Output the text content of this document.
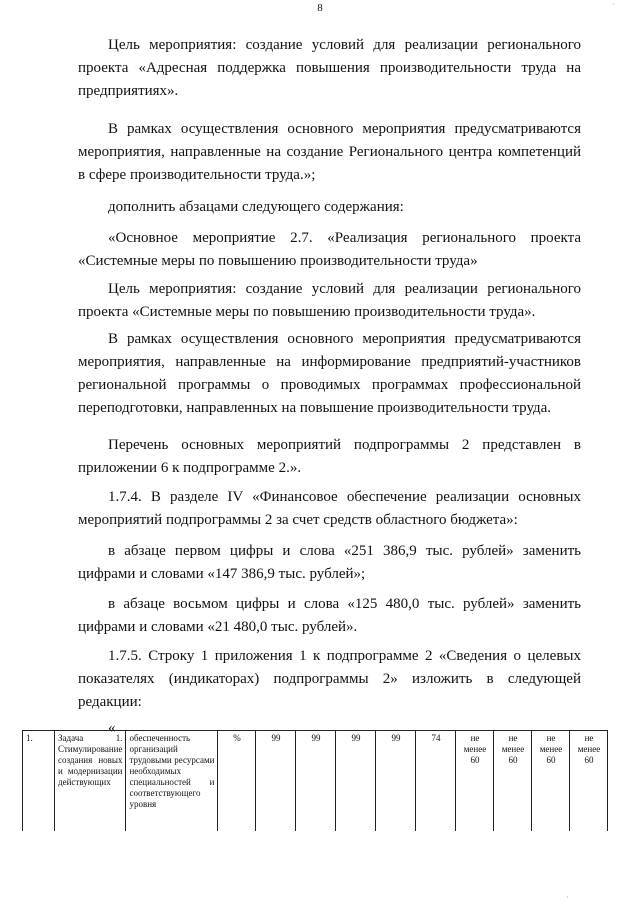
8	·
·

Цель мероприятия: создание условий для реализации регионального проекта «Адресная поддержка повышения производительности труда на предприятиях».

В рамках осуществления основного мероприятия предусматриваются мероприятия, направленные на создание Регионального центра компетенций в сфере производительности труда.»;

дополнить абзацами следующего содержания:

«Основное мероприятие 2.7. «Реализация регионального проекта «Системные меры по повышению производительности труда»

Цель мероприятия: создание условий для реализации регионального проекта «Системные меры по повышению производительности труда».

В рамках осуществления основного мероприятия предусматриваются мероприятия, направленные на информирование предприятий-участников региональной программы о проводимых программах профессиональной переподготовки, направленных на повышение производительности труда.

Перечень основных мероприятий подпрограммы 2 представлен в приложении 6 к подпрограмме 2.».

1.7.4. В разделе IV «Финансовое обеспечение реализации основных мероприятий подпрограммы 2 за счет средств областного бюджета»:

в абзаце первом цифры и слова «251 386,9 тыс. рублей» заменить цифрами и словами «147 386,9 тыс. рублей»;

в абзаце восьмом цифры и слова «125 480,0 тыс. рублей» заменить цифрами и словами «21 480,0 тыс. рублей».

1.7.5. Строку 1 приложения 1 к подпрограмме 2 «Сведения о целевых показателях (индикаторах) подпрограммы 2» изложить в следующей редакции:

«
1.	Задача 1. Стимулирование создания новых и модернизации действующих	обеспеченность организаций трудовыми ресурсами необходимых специальностей и соответствующего уровня	%	99	99	99	99	74	не менее 60	не менее 60	не менее 60	не менее 60
